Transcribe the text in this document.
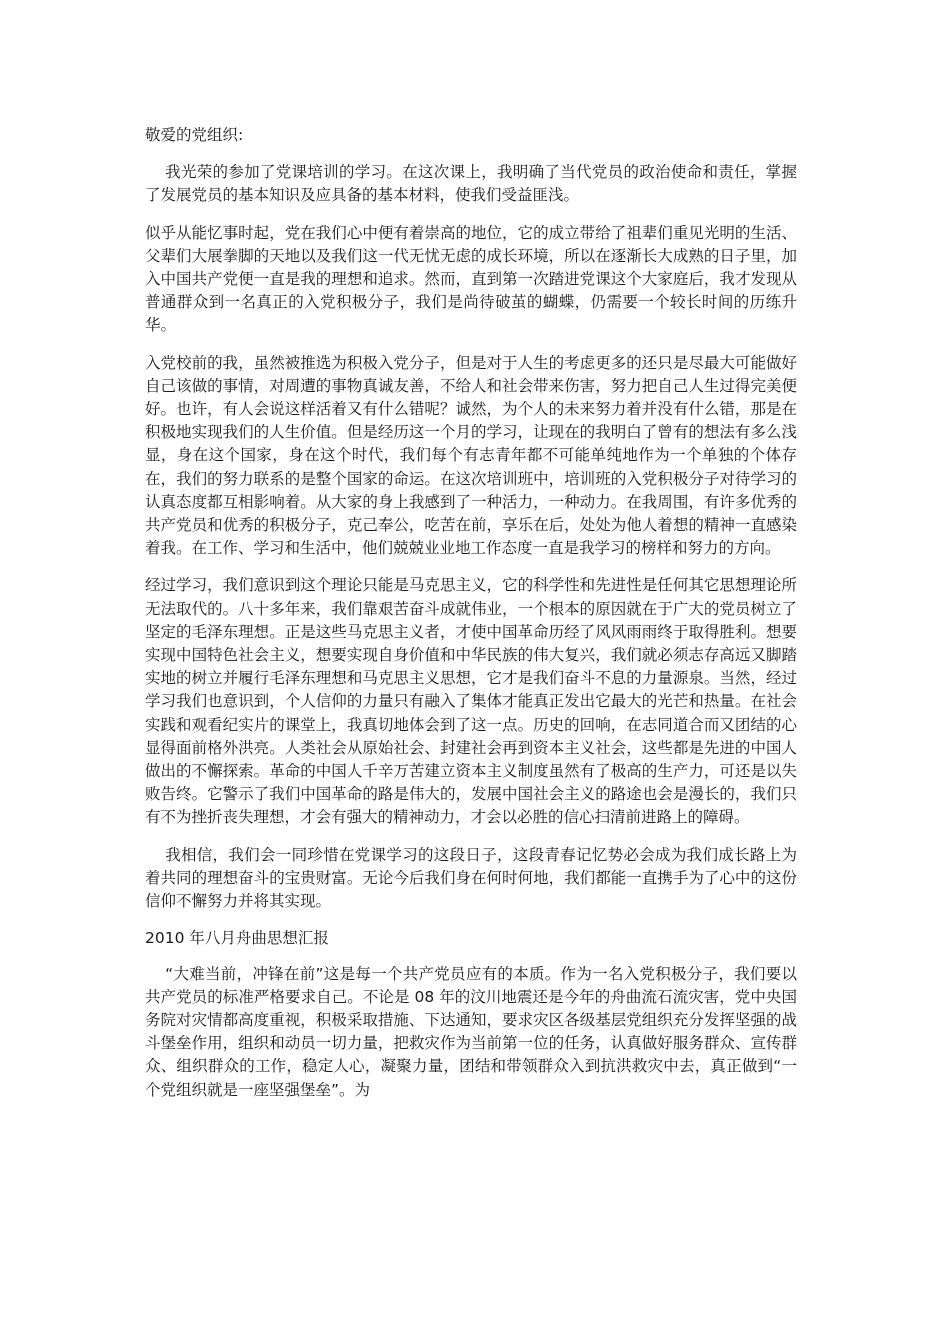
敬爱的党组织:

我光荣的参加了党课培训的学习。在这次课上，我明确了当代党员的政治使命和责任，掌握了发展党员的基本知识及应具备的基本材料，使我们受益匪浅。

似乎从能忆事时起，党在我们心中便有着崇高的地位，它的成立带给了祖辈们重见光明的生活、父辈们大展拳脚的天地以及我们这一代无忧无虑的成长环境，所以在逐渐长大成熟的日子里，加入中国共产党便一直是我的理想和追求。然而，直到第一次踏进党课这个大家庭后，我才发现从普通群众到一名真正的入党积极分子，我们是尚待破茧的蝴蝶，仍需要一个较长时间的历练升华。

入党校前的我，虽然被推选为积极入党分子，但是对于人生的考虑更多的还只是尽最大可能做好自己该做的事情，对周遭的事物真诚友善，不给人和社会带来伤害，努力把自己人生过得完美便好。也许，有人会说这样活着又有什么错呢？诚然，为个人的未来努力着并没有什么错，那是在积极地实现我们的人生价值。但是经历这一个月的学习，让现在的我明白了曾有的想法有多么浅显，身在这个国家，身在这个时代，我们每个有志青年都不可能单纯地作为一个单独的个体存在，我们的努力联系的是整个国家的命运。在这次培训班中，培训班的入党积极分子对待学习的认真态度都互相影响着。从大家的身上我感到了一种活力，一种动力。在我周围，有许多优秀的共产党员和优秀的积极分子，克己奉公，吃苦在前，享乐在后，处处为他人着想的精神一直感染着我。在工作、学习和生活中，他们兢兢业业地工作态度一直是我学习的榜样和努力的方向。

经过学习，我们意识到这个理论只能是马克思主义，它的科学性和先进性是任何其它思想理论所无法取代的。八十多年来，我们靠艰苦奋斗成就伟业，一个根本的原因就在于广大的党员树立了坚定的毛泽东理想。正是这些马克思主义者，才使中国革命历经了风风雨雨终于取得胜利。想要实现中国特色社会主义，想要实现自身价值和中华民族的伟大复兴，我们就必须志存高远又脚踏实地的树立并履行毛泽东理想和马克思主义思想，它才是我们奋斗不息的力量源泉。当然，经过学习我们也意识到，个人信仰的力量只有融入了集体才能真正发出它最大的光芒和热量。在社会实践和观看纪实片的课堂上，我真切地体会到了这一点。历史的回响，在志同道合而又团结的心显得面前格外洪亮。人类社会从原始社会、封建社会再到资本主义社会，这些都是先进的中国人做出的不懈探索。革命的中国人千辛万苦建立资本主义制度虽然有了极高的生产力，可还是以失败告终。它警示了我们中国革命的路是伟大的，发展中国社会主义的路途也会是漫长的，我们只有不为挫折丧失理想，才会有强大的精神动力，才会以必胜的信心扫清前进路上的障碍。

我相信，我们会一同珍惜在党课学习的这段日子，这段青春记忆势必会成为我们成长路上为着共同的理想奋斗的宝贵财富。无论今后我们身在何时何地，我们都能一直携手为了心中的这份信仰不懈努力并将其实现。

2010 年八月舟曲思想汇报

“大难当前，冲锋在前”这是每一个共产党员应有的本质。作为一名入党积极分子，我们要以共产党员的标准严格要求自己。不论是 08 年的汶川地震还是今年的舟曲流石流灾害，党中央国务院对灾情都高度重视，积极采取措施、下达通知，要求灾区各级基层党组织充分发挥坚强的战斗堡垒作用，组织和动员一切力量，把救灾作为当前第一位的任务，认真做好服务群众、宣传群众、组织群众的工作，稳定人心，凝聚力量，团结和带领群众入到抗洪救灾中去，真正做到“一个党组织就是一座坚强堡垒”。为
